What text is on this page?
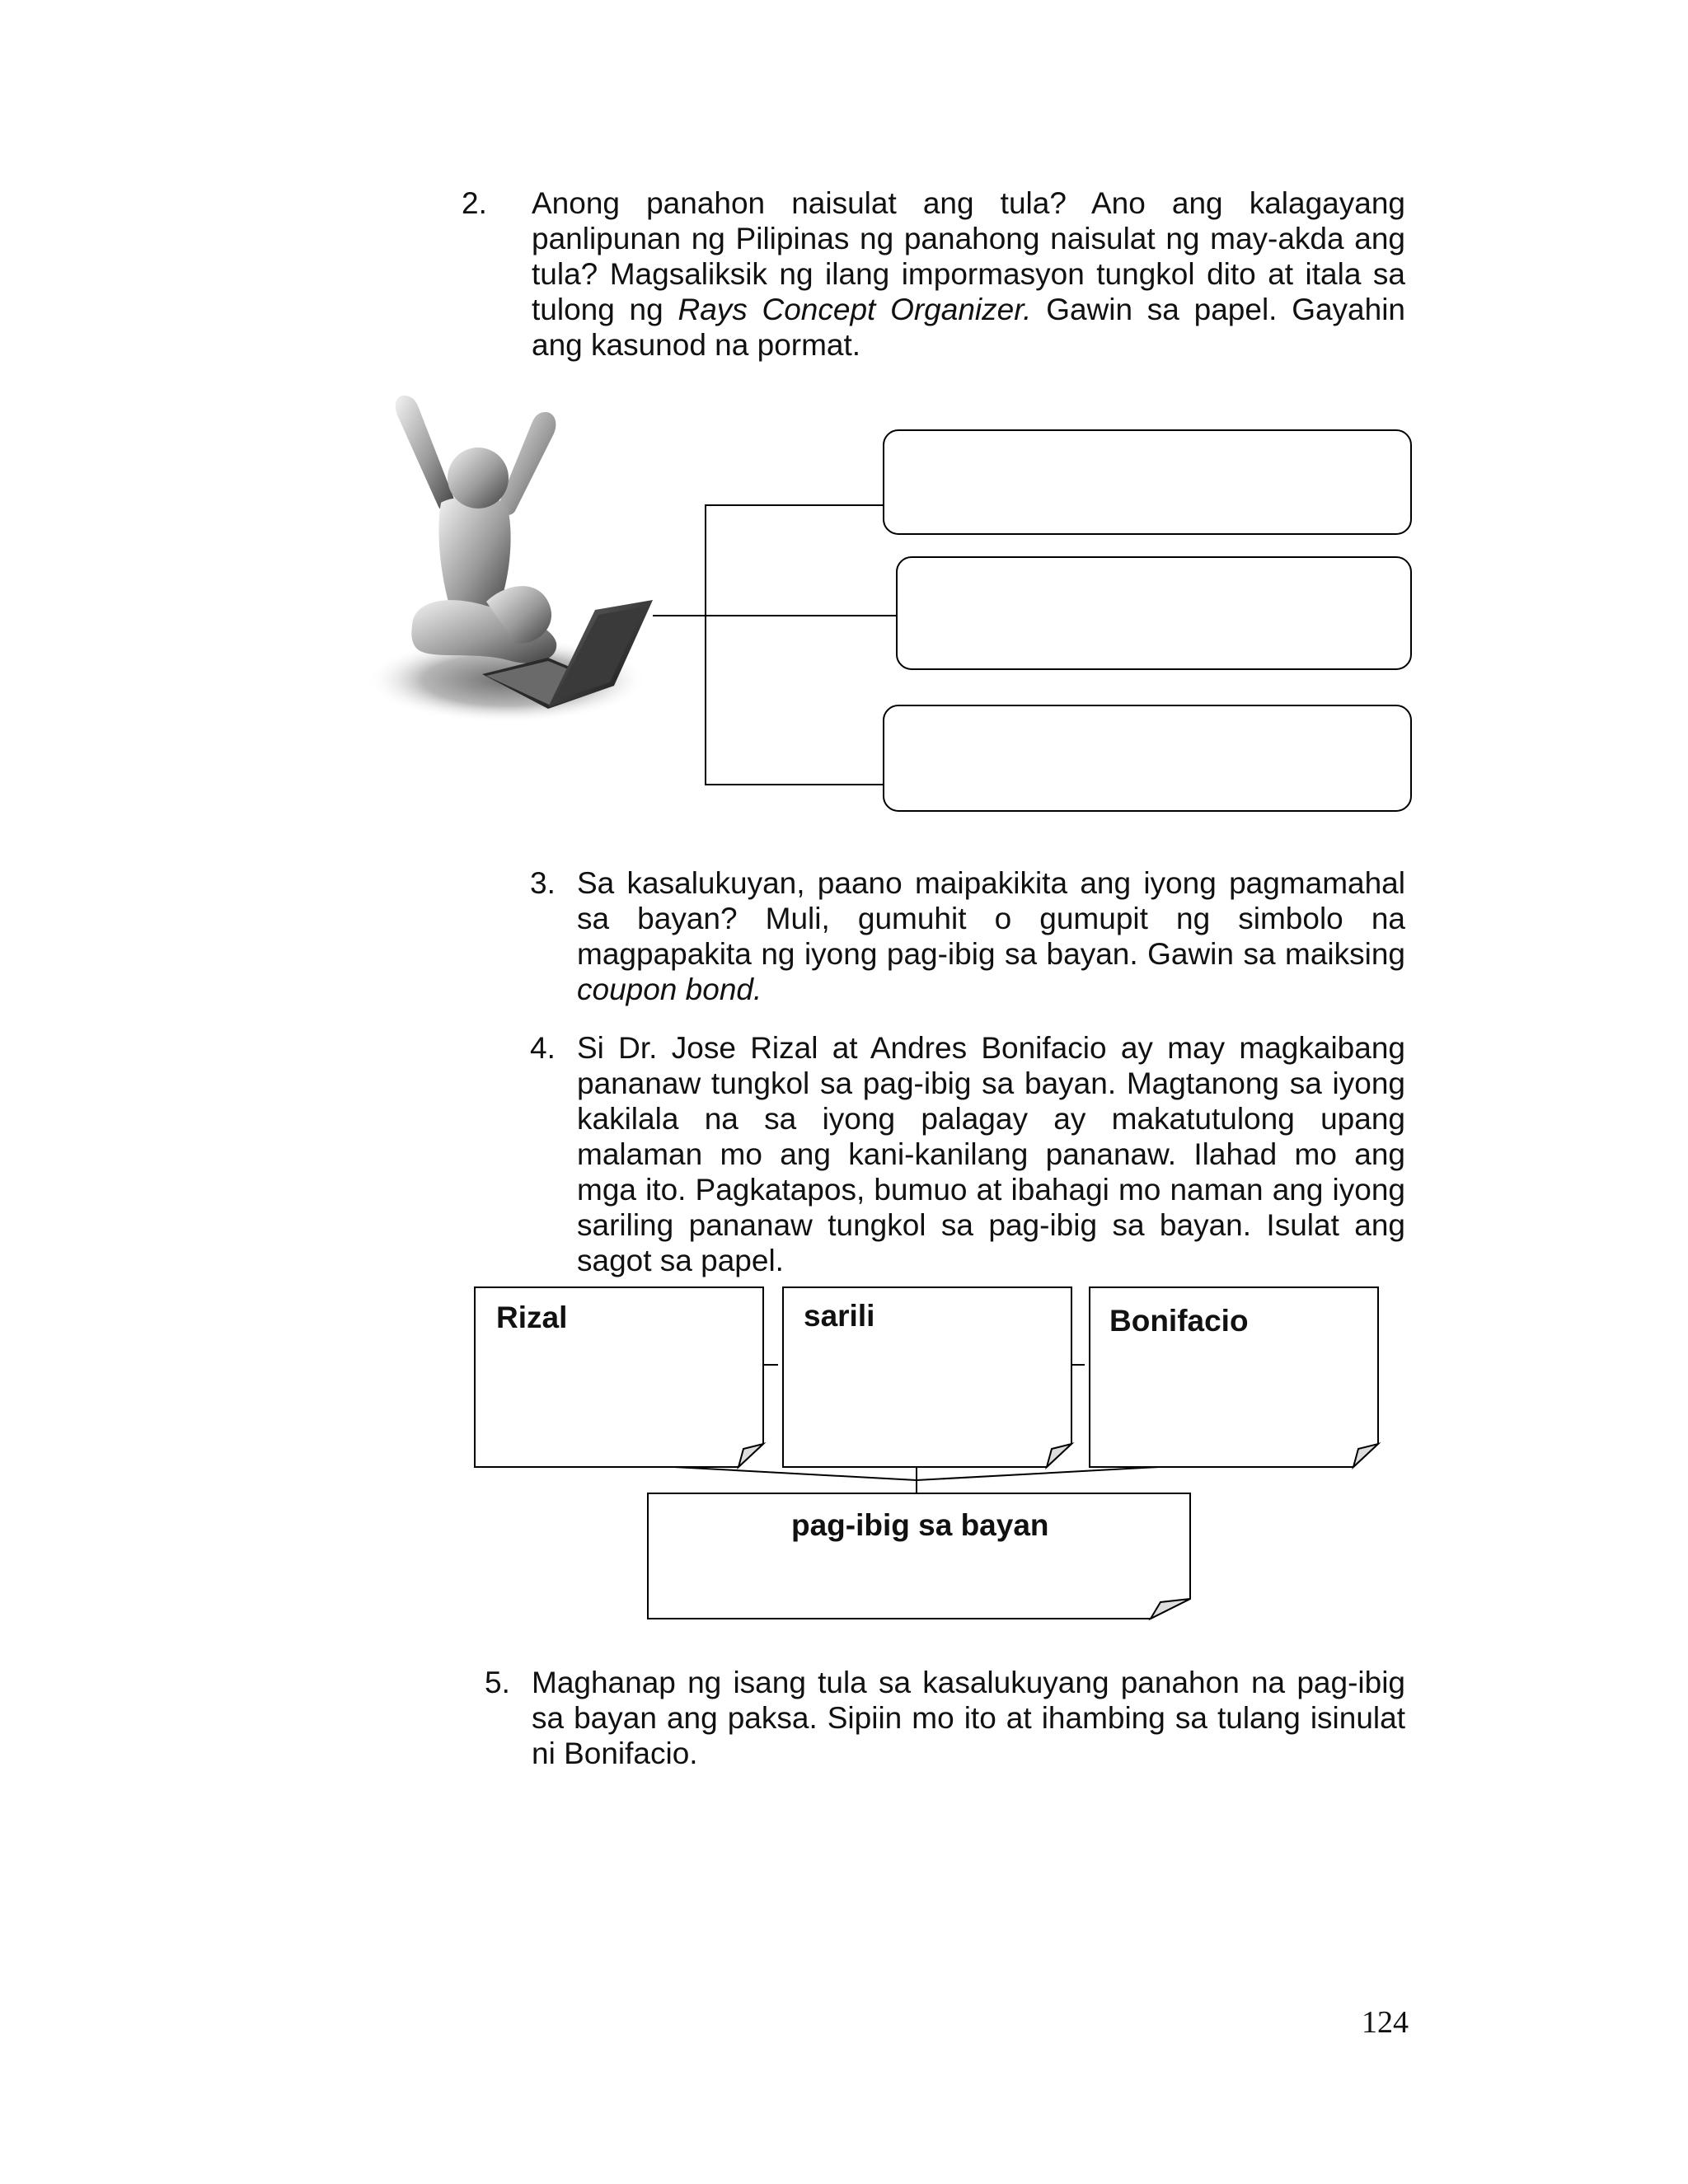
2. Anong panahon naisulat ang tula? Ano ang kalagayang
panlipunan ng Pilipinas ng panahong naisulat ng may-akda ang
tula? Magsaliksik ng ilang impormasyon tungkol dito at itala sa
tulong ng Rays Concept Organizer. Gawin sa papel. Gayahin
ang kasunod na pormat.
3. Sa kasalukuyan, paano maipakikita ang iyong pagmamahal
sa bayan? Muli, gumuhit o gumupit ng simbolo na
magpapakita ng iyong pag-ibig sa bayan. Gawin sa maiksing
coupon bond.
4. Si Dr. Jose Rizal at Andres Bonifacio ay may magkaibang
pananaw tungkol sa pag-ibig sa bayan. Magtanong sa iyong
kakilala na sa iyong palagay ay makatutulong upang
malaman mo ang kani-kanilang pananaw. Ilahad mo ang
mga ito. Pagkatapos, bumuo at ibahagi mo naman ang iyong
sariling pananaw tungkol sa pag-ibig sa bayan. Isulat ang
sagot sa papel.
Rizal	sarili	Bonifacio
pag-ibig sa bayan
5. Maghanap ng isang tula sa kasalukuyang panahon na pag-ibig
sa bayan ang paksa. Sipiin mo ito at ihambing sa tulang isinulat
ni Bonifacio.
124
